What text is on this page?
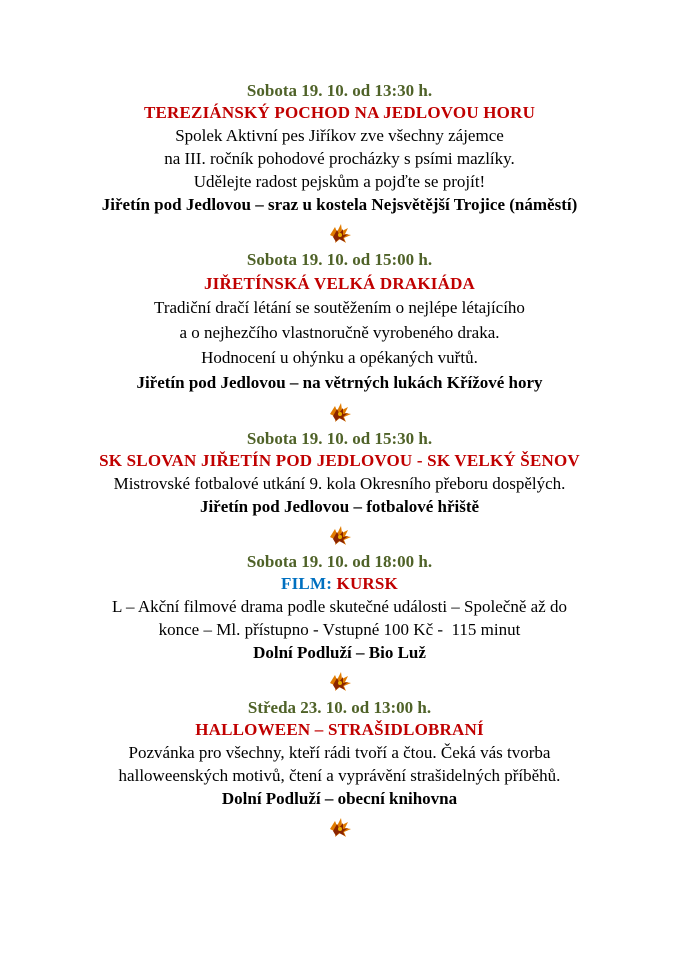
Sobota 19. 10. od 13:30 h.
TEREZIÁNSKÝ POCHOD NA JEDLOVOU HORU
Spolek Aktivní pes Jiříkov zve všechny zájemce
na III. ročník pohodové procházky s psími mazlíky.
Udělejte radost pejskům a pojďte se projít!
Jiřetín pod Jedlovou – sraz u kostela Nejsvětější Trojice (náměstí)
Sobota 19. 10. od 15:00 h.
JIŘETÍNSKÁ VELKÁ DRAKIÁDA
Tradiční dračí létání se soutěžením o nejlépe létajícího
a o nejhezčího vlastnoručně vyrobeného draka.
Hodnocení u ohýnku a opékaných vuřtů.
Jiřetín pod Jedlovou – na větrných lukách Křížové hory
Sobota 19. 10. od 15:30 h.
SK SLOVAN JIŘETÍN POD JEDLOVOU - SK VELKÝ ŠENOV
Mistrovské fotbalové utkání 9. kola Okresního přeboru dospělých.
Jiřetín pod Jedlovou – fotbalové hřiště
Sobota 19. 10. od 18:00 h.
FILM: KURSK
L – Akční filmové drama podle skutečné události – Společně až do
konce – Ml. přístupno - Vstupné 100 Kč -  115 minut
Dolní Podluží – Bio Luž
Středa 23. 10. od 13:00 h.
HALLOWEEN – STRAŠIDLOBRANÍ
Pozvánka pro všechny, kteří rádi tvoří a čtou. Čeká vás tvorba
halloweenských motivů, čtení a vyprávění strašidelných příběhů.
Dolní Podluží – obecní knihovna
